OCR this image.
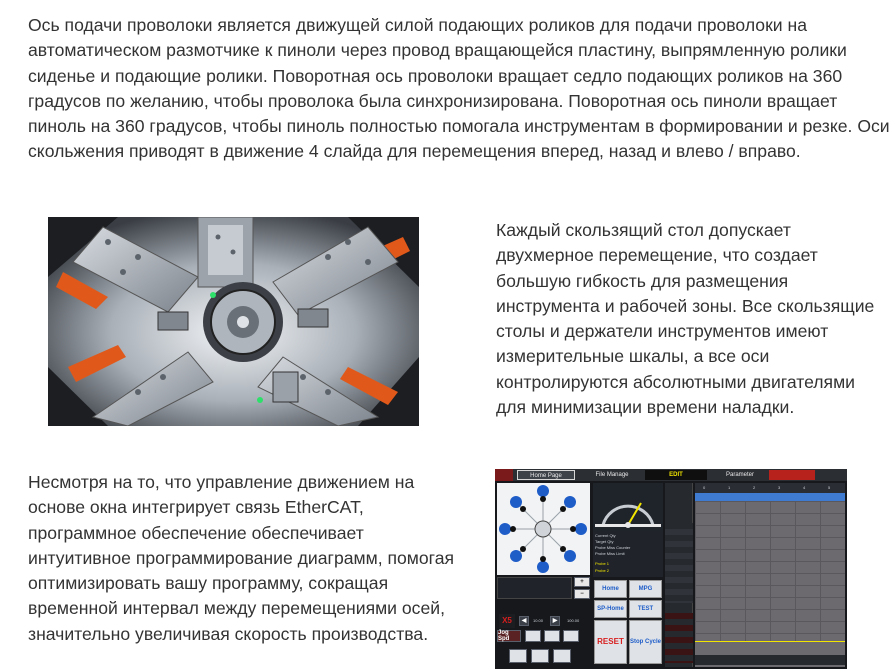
Ось подачи проволоки является движущей силой подающих роликов для подачи проволоки на автоматическом размотчике к пиноли через провод вращающейся пластину, выпрямленную ролики сиденье и подающие ролики. Поворотная ось проволоки вращает седло подающих роликов на 360 градусов по желанию, чтобы проволока была синхронизирована. Поворотная ось пиноли вращает пиноль на 360 градусов, чтобы пиноль полностью помогала инструментам в формировании и резке. Оси скольжения приводят в движение 4 слайда для перемещения вперед, назад и влево / вправо.

Каждый скользящий стол допускает двухмерное перемещение, что создает большую гибкость для размещения инструмента и рабочей зоны. Все скользящие столы и держатели инструментов имеют измерительные шкалы, а все оси контролируются абсолютными двигателями для минимизации времени наладки.

Несмотря на то, что управление движением на основе окна интегрирует связь EtherCAT, программное обеспечение обеспечивает интуитивное программирование диаграмм, помогая оптимизировать вашу программу, сокращая временной интервал между перемещениями осей, значительно увеличивая скорость производства.

Home Page	File Manage	EDIT	Parameter
+
−
X5	◀	10.00	▶	100.00
Jog Spd
Current Qty
Target Qty
Probe Miss Counter
Probe Miss Limit
Probe 1
Probe 2
Home	MPG
SP-Home	TEST
RESET	Stop Cycle
0	1	2	3	4	5
